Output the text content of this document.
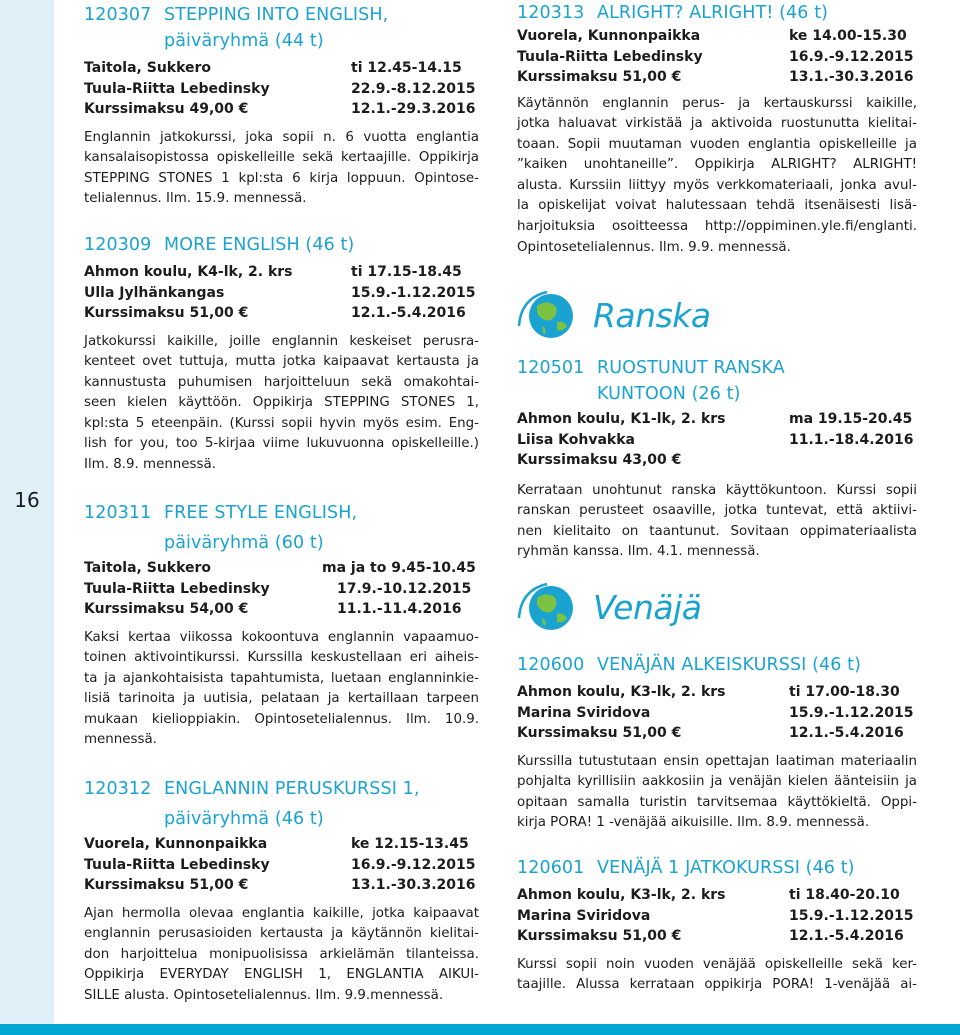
16
120307 STEPPING INTO ENGLISH,
päiväryhmä (44 t)
Taitola, Sukkero	ti 12.45-14.15
Tuula-Riitta Lebedinsky	22.9.-8.12.2015
Kurssimaksu 49,00 €	12.1.-29.3.2016
Englannin jatkokurssi, joka sopii n. 6 vuotta englantia
kansalaisopistossa opiskelleille sekä kertaajille. Oppikirja
STEPPING STONES 1 kpl:sta 6 kirja loppuun. Opintose-
telialennus. Ilm. 15.9. mennessä.
120309 MORE ENGLISH (46 t)
Ahmon koulu, K4-lk, 2. krs	ti 17.15-18.45
Ulla Jylhänkangas	15.9.-1.12.2015
Kurssimaksu 51,00 €	12.1.-5.4.2016
Jatkokurssi kaikille, joille englannin keskeiset perusra-
kenteet ovet tuttuja, mutta jotka kaipaavat kertausta ja
kannustusta puhumisen harjoitteluun sekä omakohtai-
seen kielen käyttöön. Oppikirja STEPPING STONES 1,
kpl:sta 5 eteenpäin. (Kurssi sopii hyvin myös esim. Eng-
lish for you, too 5-kirjaa viime lukuvuonna opiskelleille.)
Ilm. 8.9. mennessä.
120311 FREE STYLE ENGLISH,
päiväryhmä (60 t)
Taitola, Sukkero	ma ja to 9.45-10.45
Tuula-Riitta Lebedinsky	17.9.-10.12.2015
Kurssimaksu 54,00 €	11.1.-11.4.2016
Kaksi kertaa viikossa kokoontuva englannin vapaamuo-
toinen aktivointikurssi. Kurssilla keskustellaan eri aiheis-
ta ja ajankohtaisista tapahtumista, luetaan englanninkie-
lisiä tarinoita ja uutisia, pelataan ja kertaillaan tarpeen
mukaan kielioppiakin. Opintosetelialennus. Ilm. 10.9.
mennessä.
120312 ENGLANNIN PERUSKURSSI 1,
päiväryhmä (46 t)
Vuorela, Kunnonpaikka	ke 12.15-13.45
Tuula-Riitta Lebedinsky	16.9.-9.12.2015
Kurssimaksu 51,00 €	13.1.-30.3.2016
Ajan hermolla olevaa englantia kaikille, jotka kaipaavat
englannin perusasioiden kertausta ja käytännön kielitai-
don harjoittelua monipuolisissa arkielämän tilanteissa.
Oppikirja EVERYDAY ENGLISH 1, ENGLANTIA AIKUI-
SILLE alusta. Opintosetelialennus. Ilm. 9.9.mennessä.
120313 ALRIGHT? ALRIGHT! (46 t)
Vuorela, Kunnonpaikka	ke 14.00-15.30
Tuula-Riitta Lebedinsky	16.9.-9.12.2015
Kurssimaksu 51,00 €	13.1.-30.3.2016
Käytännön englannin perus- ja kertauskurssi kaikille,
jotka haluavat virkistää ja aktivoida ruostunutta kielitai-
toaan. Sopii muutaman vuoden englantia opiskelleille ja
”kaiken unohtaneille”. Oppikirja ALRIGHT? ALRIGHT!
alusta. Kurssiin liittyy myös verkkomateriaali, jonka avul-
la opiskelijat voivat halutessaan tehdä itsenäisesti lisä-
harjoituksia osoitteessa http://oppiminen.yle.fi/englanti.
Opintosetelialennus. Ilm. 9.9. mennessä.
Ranska
120501 RUOSTUNUT RANSKA
KUNTOON (26 t)
Ahmon koulu, K1-lk, 2. krs	ma 19.15-20.45
Liisa Kohvakka	11.1.-18.4.2016
Kurssimaksu 43,00 €
Kerrataan unohtunut ranska käyttökuntoon. Kurssi sopii
ranskan perusteet osaaville, jotka tuntevat, että aktiivi-
nen kielitaito on taantunut. Sovitaan oppimateriaalista
ryhmän kanssa. Ilm. 4.1. mennessä.
Venäjä
120600 VENÄJÄN ALKEISKURSSI (46 t)
Ahmon koulu, K3-lk, 2. krs	ti 17.00-18.30
Marina Sviridova	15.9.-1.12.2015
Kurssimaksu 51,00 €	12.1.-5.4.2016
Kurssilla tutustutaan ensin opettajan laatiman materiaalin
pohjalta kyrillisiin aakkosiin ja venäjän kielen äänteisiin ja
opitaan samalla turistin tarvitsemaa käyttökieltä. Oppi-
kirja PORA! 1 -venäjää aikuisille. Ilm. 8.9. mennessä.
120601 VENÄJÄ 1 JATKOKURSSI (46 t)
Ahmon koulu, K3-lk, 2. krs	ti 18.40-20.10
Marina Sviridova	15.9.-1.12.2015
Kurssimaksu 51,00 €	12.1.-5.4.2016
Kurssi sopii noin vuoden venäjää opiskelleille sekä ker-
taajille. Alussa kerrataan oppikirja PORA! 1-venäjää ai-
